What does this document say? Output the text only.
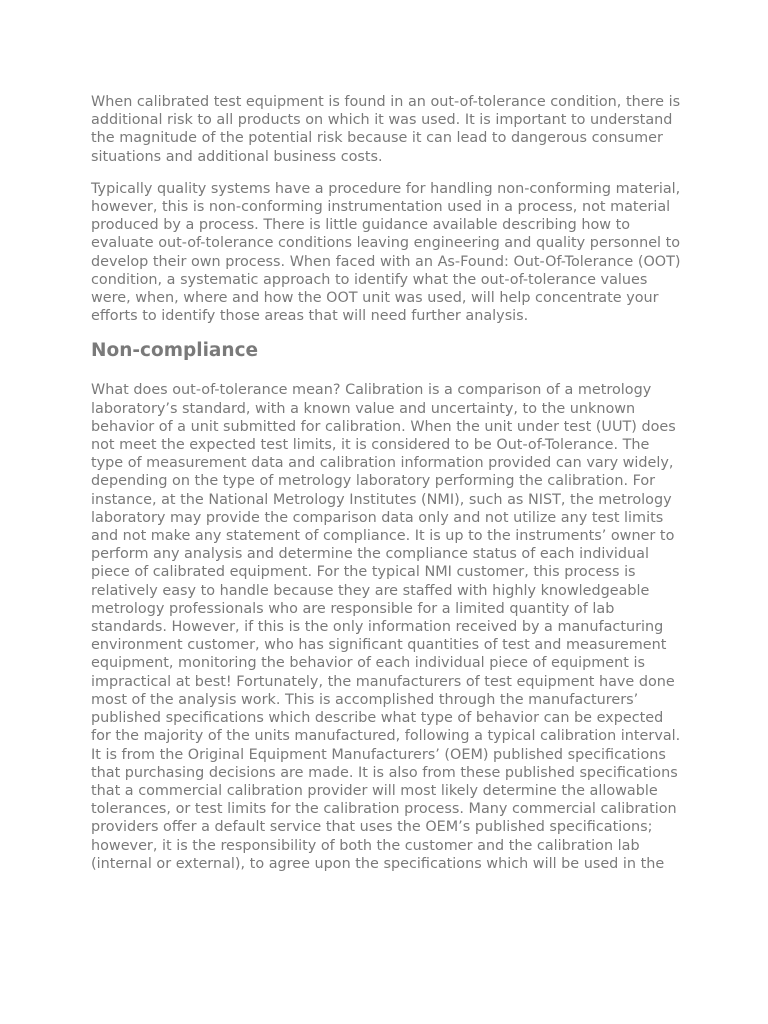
When calibrated test equipment is found in an out-of-tolerance condition, there is additional risk to all products on which it was used. It is important to understand the magnitude of the potential risk because it can lead to dangerous consumer situations and additional business costs.

Typically quality systems have a procedure for handling non-conforming material, however, this is non-conforming instrumentation used in a process, not material produced by a process. There is little guidance available describing how to evaluate out-of-tolerance conditions leaving engineering and quality personnel to develop their own process. When faced with an As-Found: Out-Of-Tolerance (OOT) condition, a systematic approach to identify what the out-of-tolerance values were, when, where and how the OOT unit was used, will help concentrate your efforts to identify those areas that will need further analysis.

Non-compliance

What does out-of-tolerance mean? Calibration is a comparison of a metrology laboratory’s standard, with a known value and uncertainty, to the unknown behavior of a unit submitted for calibration. When the unit under test (UUT) does not meet the expected test limits, it is considered to be Out-of-Tolerance. The type of measurement data and calibration information provided can vary widely, depending on the type of metrology laboratory performing the calibration. For instance, at the National Metrology Institutes (NMI), such as NIST, the metrology laboratory may provide the comparison data only and not utilize any test limits and not make any statement of compliance. It is up to the instruments’ owner to perform any analysis and determine the compliance status of each individual piece of calibrated equipment. For the typical NMI customer, this process is relatively easy to handle because they are staffed with highly knowledgeable metrology professionals who are responsible for a limited quantity of lab standards. However, if this is the only information received by a manufacturing environment customer, who has significant quantities of test and measurement equipment, monitoring the behavior of each individual piece of equipment is impractical at best! Fortunately, the manufacturers of test equipment have done most of the analysis work. This is accomplished through the manufacturers’ published specifications which describe what type of behavior can be expected for the majority of the units manufactured, following a typical calibration interval. It is from the Original Equipment Manufacturers’ (OEM) published specifications that purchasing decisions are made. It is also from these published specifications that a commercial calibration provider will most likely determine the allowable tolerances, or test limits for the calibration process. Many commercial calibration providers offer a default service that uses the OEM’s published specifications; however, it is the responsibility of both the customer and the calibration lab (internal or external), to agree upon the specifications which will be used in the
